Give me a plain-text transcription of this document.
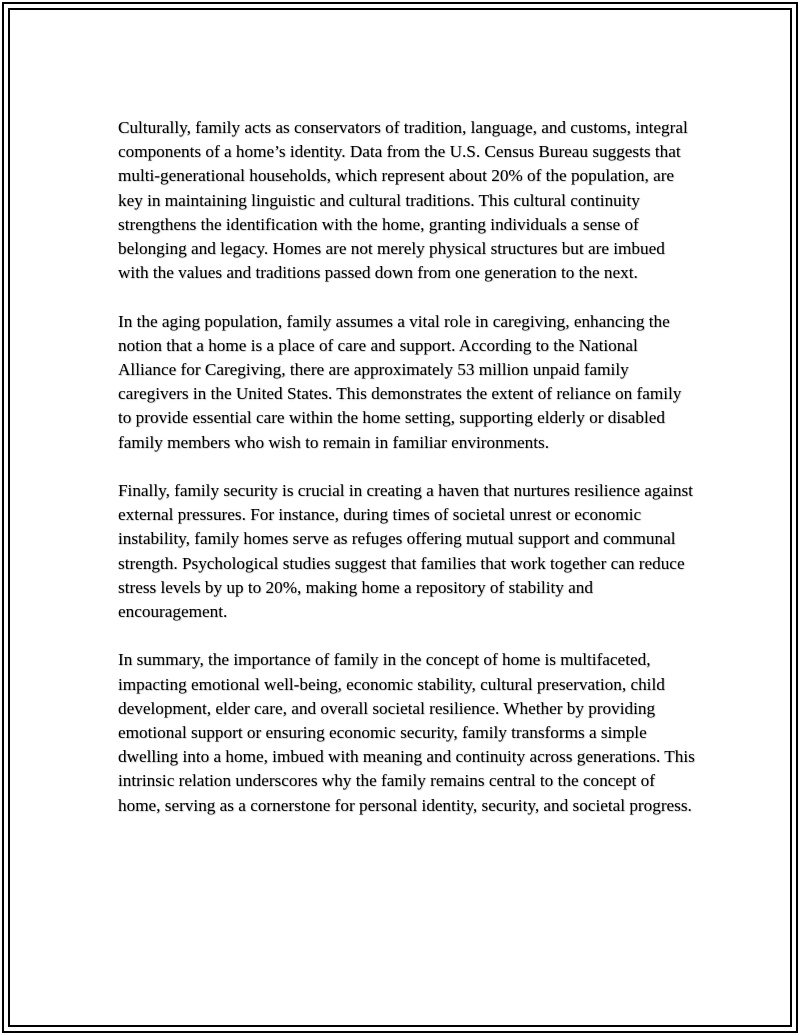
Culturally, family acts as conservators of tradition, language, and customs, integral components of a home’s identity. Data from the U.S. Census Bureau suggests that multi-generational households, which represent about 20% of the population, are key in maintaining linguistic and cultural traditions. This cultural continuity strengthens the identification with the home, granting individuals a sense of belonging and legacy. Homes are not merely physical structures but are imbued with the values and traditions passed down from one generation to the next.

In the aging population, family assumes a vital role in caregiving, enhancing the notion that a home is a place of care and support. According to the National Alliance for Caregiving, there are approximately 53 million unpaid family caregivers in the United States. This demonstrates the extent of reliance on family to provide essential care within the home setting, supporting elderly or disabled family members who wish to remain in familiar environments.

Finally, family security is crucial in creating a haven that nurtures resilience against external pressures. For instance, during times of societal unrest or economic instability, family homes serve as refuges offering mutual support and communal strength. Psychological studies suggest that families that work together can reduce stress levels by up to 20%, making home a repository of stability and encouragement.

In summary, the importance of family in the concept of home is multifaceted, impacting emotional well-being, economic stability, cultural preservation, child development, elder care, and overall societal resilience. Whether by providing emotional support or ensuring economic security, family transforms a simple dwelling into a home, imbued with meaning and continuity across generations. This intrinsic relation underscores why the family remains central to the concept of home, serving as a cornerstone for personal identity, security, and societal progress.
